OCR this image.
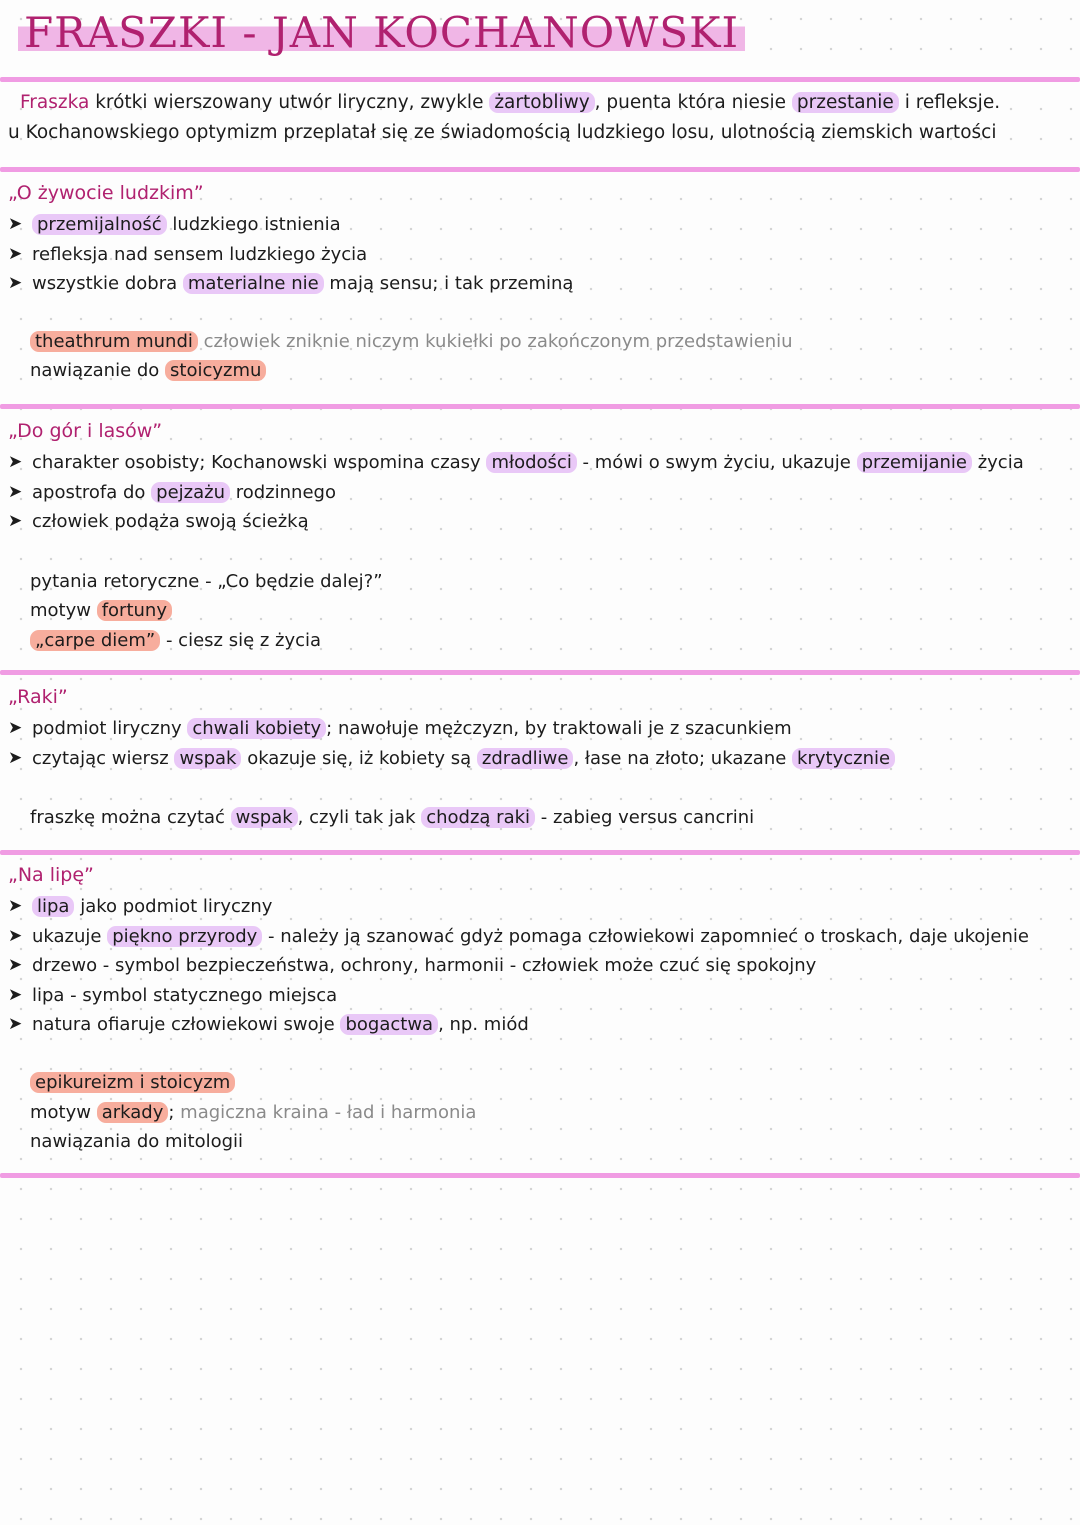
FRASZKI - JAN KOCHANOWSKI

Fraszka krótki wierszowany utwór liryczny, zwykle żartobliwy , puenta która niesie przestanie i refleksje.

u Kochanowskiego optymizm przeplatał się ze świadomością ludzkiego losu, ulotnością ziemskich wartości

„O żywocie ludzkim”
➤ przemijalność ludzkiego istnienia
➤ refleksja nad sensem ludzkiego życia
➤ wszystkie dobra materialne nie mają sensu; i tak przeminą
theathrum mundi człowiek zniknie niczym kukiełki po zakończonym przedstawieniu
nawiązanie do stoicyzmu
„Do gór i lasów”
➤ charakter osobisty; Kochanowski wspomina czasy młodości - mówi o swym życiu, ukazuje przemijanie życia
➤ apostrofa do pejzażu rodzinnego
➤ człowiek podąża swoją ścieżką
pytania retoryczne - „Co będzie dalej?”
motyw fortuny
„carpe diem” - ciesz się z życia
„Raki”
➤ podmiot liryczny chwali kobiety ; nawołuje mężczyzn, by traktowali je z szacunkiem
➤ czytając wiersz wspak okazuje się, iż kobiety są zdradliwe , łase na złoto; ukazane krytycznie
fraszkę można czytać wspak , czyli tak jak chodzą raki - zabieg versus cancrini
„Na lipę”
➤ lipa jako podmiot liryczny
➤ ukazuje piękno przyrody - należy ją szanować gdyż pomaga człowiekowi zapomnieć o troskach, daje ukojenie
➤ drzewo - symbol bezpieczeństwa, ochrony, harmonii - człowiek może czuć się spokojny
➤ lipa - symbol statycznego miejsca
➤ natura ofiaruje człowiekowi swoje bogactwa , np. miód
epikureizm i stoicyzm
motyw arkady ; magiczna kraina - ład i harmonia
nawiązania do mitologii
